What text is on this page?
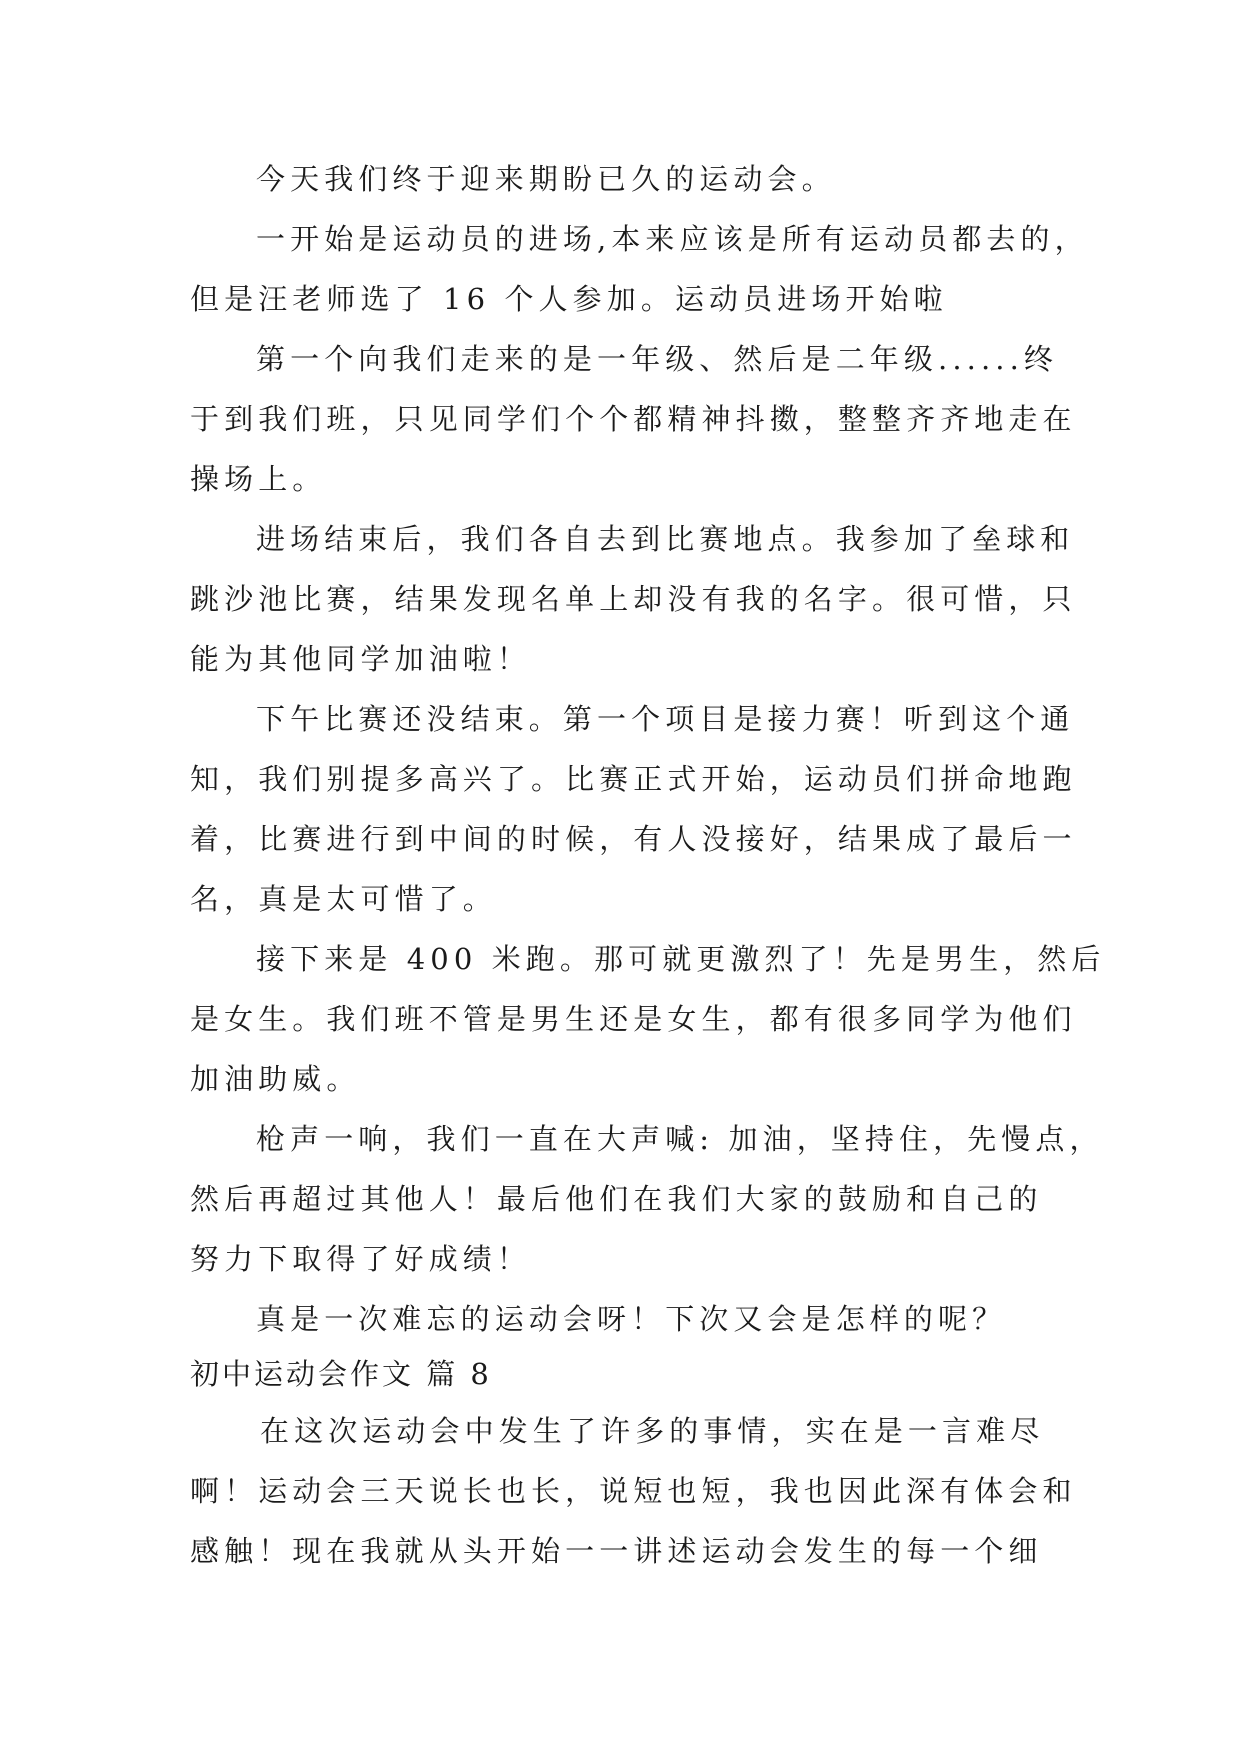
今天我们终于迎来期盼已久的运动会。

一开始是运动员的进场,本来应该是所有运动员都去的，

但是汪老师选了 16 个人参加。运动员进场开始啦

第一个向我们走来的是一年级、然后是二年级......终

于到我们班，只见同学们个个都精神抖擞，整整齐齐地走在

操场上。

进场结束后，我们各自去到比赛地点。我参加了垒球和

跳沙池比赛，结果发现名单上却没有我的名字。很可惜，只

能为其他同学加油啦！

下午比赛还没结束。第一个项目是接力赛！听到这个通

知，我们别提多高兴了。比赛正式开始，运动员们拼命地跑

着，比赛进行到中间的时候，有人没接好，结果成了最后一

名，真是太可惜了。

接下来是 400 米跑。那可就更激烈了！先是男生，然后

是女生。我们班不管是男生还是女生，都有很多同学为他们

加油助威。

枪声一响，我们一直在大声喊: 加油，坚持住，先慢点，

然后再超过其他人！最后他们在我们大家的鼓励和自己的

努力下取得了好成绩！

真是一次难忘的运动会呀！下次又会是怎样的呢？

初中运动会作文 篇 8

在这次运动会中发生了许多的事情，实在是一言难尽

啊！运动会三天说长也长，说短也短，我也因此深有体会和

感触！现在我就从头开始一一讲述运动会发生的每一个细
